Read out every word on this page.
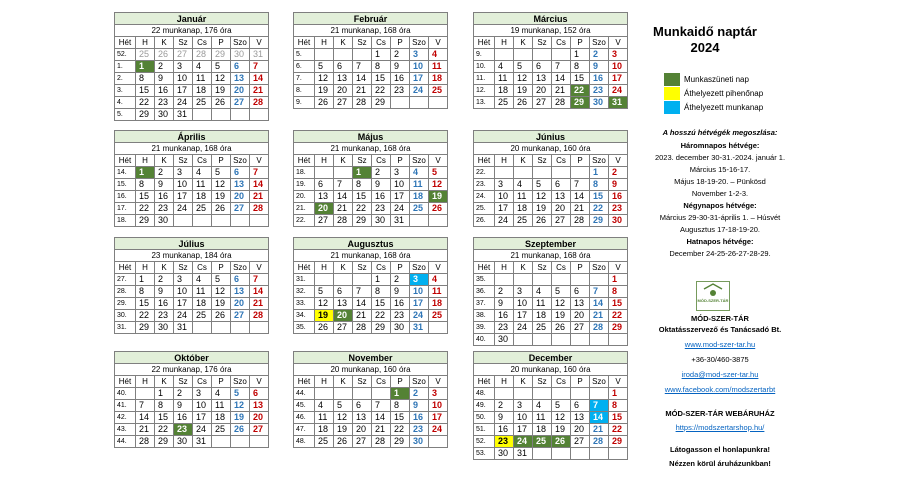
Január
22 munkanap, 176 óra
Hét	H	K	Sz	Cs	P	Szo	V
52.	25	26	27	28	29	30	31
1.	1	2	3	4	5	6	7
2.	8	9	10	11	12	13	14
3.	15	16	17	18	19	20	21
4.	22	23	24	25	26	27	28
5.	29	30	31				
Február
21 munkanap, 168 óra
Hét	H	K	Sz	Cs	P	Szo	V
5.				1	2	3	4
6.	5	6	7	8	9	10	11
7.	12	13	14	15	16	17	18
8.	19	20	21	22	23	24	25
9.	26	27	28	29			
Március
19 munkanap, 152 óra
Hét	H	K	Sz	Cs	P	Szo	V
9.					1	2	3
10.	4	5	6	7	8	9	10
11.	11	12	13	14	15	16	17
12.	18	19	20	21	22	23	24
13.	25	26	27	28	29	30	31
Április
21 munkanap, 168 óra
Hét	H	K	Sz	Cs	P	Szo	V
14.	1	2	3	4	5	6	7
15.	8	9	10	11	12	13	14
16.	15	16	17	18	19	20	21
17.	22	23	24	25	26	27	28
18.	29	30					
Május
21 munkanap, 168 óra
Hét	H	K	Sz	Cs	P	Szo	V
18.			1	2	3	4	5
19.	6	7	8	9	10	11	12
20.	13	14	15	16	17	18	19
21.	20	21	22	23	24	25	26
22.	27	28	29	30	31		
Június
20 munkanap, 160 óra
Hét	H	K	Sz	Cs	P	Szo	V
22.						1	2
23.	3	4	5	6	7	8	9
24.	10	11	12	13	14	15	16
25.	17	18	19	20	21	22	23
26.	24	25	26	27	28	29	30
Július
23 munkanap, 184 óra
Hét	H	K	Sz	Cs	P	Szo	V
27.	1	2	3	4	5	6	7
28.	8	9	10	11	12	13	14
29.	15	16	17	18	19	20	21
30.	22	23	24	25	26	27	28
31.	29	30	31				
Augusztus
21 munkanap, 168 óra
Hét	H	K	Sz	Cs	P	Szo	V
31.				1	2	3	4
32.	5	6	7	8	9	10	11
33.	12	13	14	15	16	17	18
34.	19	20	21	22	23	24	25
35.	26	27	28	29	30	31	
Szeptember
21 munkanap, 168 óra
Hét	H	K	Sz	Cs	P	Szo	V
35.							1
36.	2	3	4	5	6	7	8
37.	9	10	11	12	13	14	15
38.	16	17	18	19	20	21	22
39.	23	24	25	26	27	28	29
40.	30						
Október
22 munkanap, 176 óra
Hét	H	K	Sz	Cs	P	Szo	V
40.		1	2	3	4	5	6
41.	7	8	9	10	11	12	13
42.	14	15	16	17	18	19	20
43.	21	22	23	24	25	26	27
44.	28	29	30	31			
November
20 munkanap, 160 óra
Hét	H	K	Sz	Cs	P	Szo	V
44.					1	2	3
45.	4	5	6	7	8	9	10
46.	11	12	13	14	15	16	17
47.	18	19	20	21	22	23	24
48.	25	26	27	28	29	30	
December
20 munkanap, 160 óra
Hét	H	K	Sz	Cs	P	Szo	V
48.							1
49.	2	3	4	5	6	7	8
50.	9	10	11	12	13	14	15
51.	16	17	18	19	20	21	22
52.	23	24	25	26	27	28	29
53.	30	31					
Munkaidő naptár
2024
Munkaszüneti nap
Áthelyezett pihenőnap
Áthelyezett munkanap
A hosszú hétvégék megoszlása:
Háromnapos hétvége:
2023. december 30-31.-2024. január 1.
Március 15-16-17.
Május 18-19-20. – Pünkösd
November 1-2-3.
Négynapos hétvége:
Március 29-30-31-április 1. – Húsvét
Augusztus 17-18-19-20.
Hatnapos hétvége:
December 24-25-26-27-28-29.
MÓD-SZER-TÁR
MÓD-SZER-TÁR
Oktatásszervező és Tanácsadó Bt.
www.mod-szer-tar.hu
+36-30/460-3875
iroda@mod-szer-tar.hu
www.facebook.com/modszertarbt
MÓD-SZER-TÁR WEBÁRUHÁZ
https://modszertarshop.hu/
Látogasson el honlapunkra!
Nézzen körül áruházunkban!
